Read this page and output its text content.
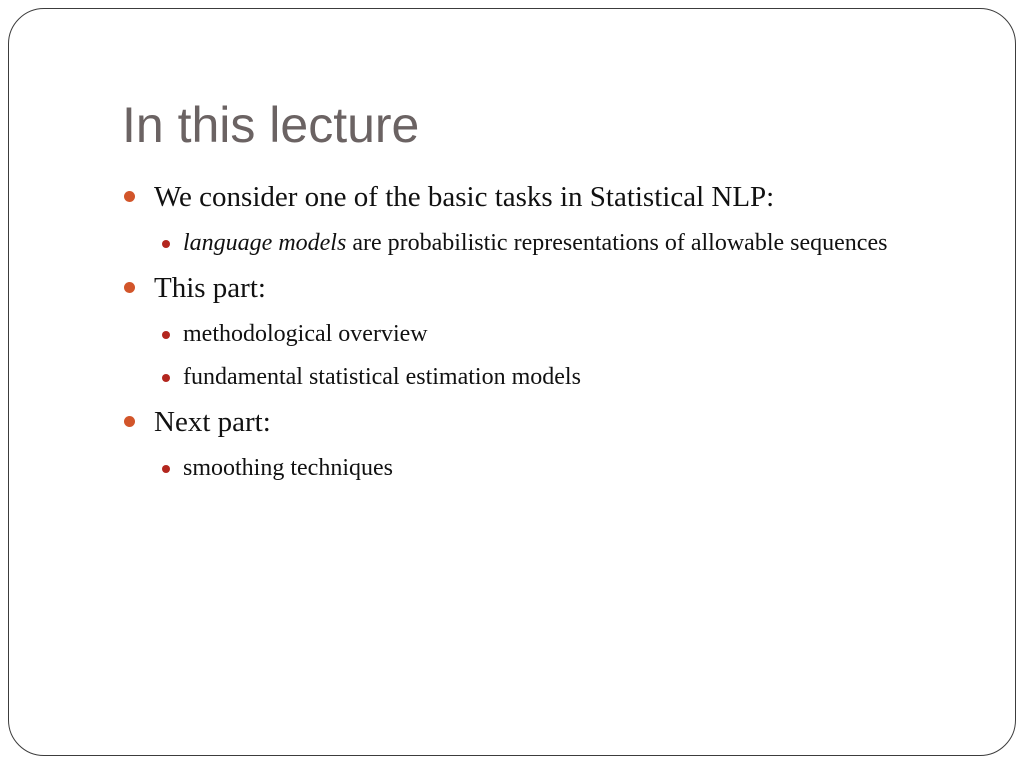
In this lecture
We consider one of the basic tasks in Statistical NLP:
language models are probabilistic representations of allowable sequences
This part:
methodological overview
fundamental statistical estimation models
Next part:
smoothing techniques
